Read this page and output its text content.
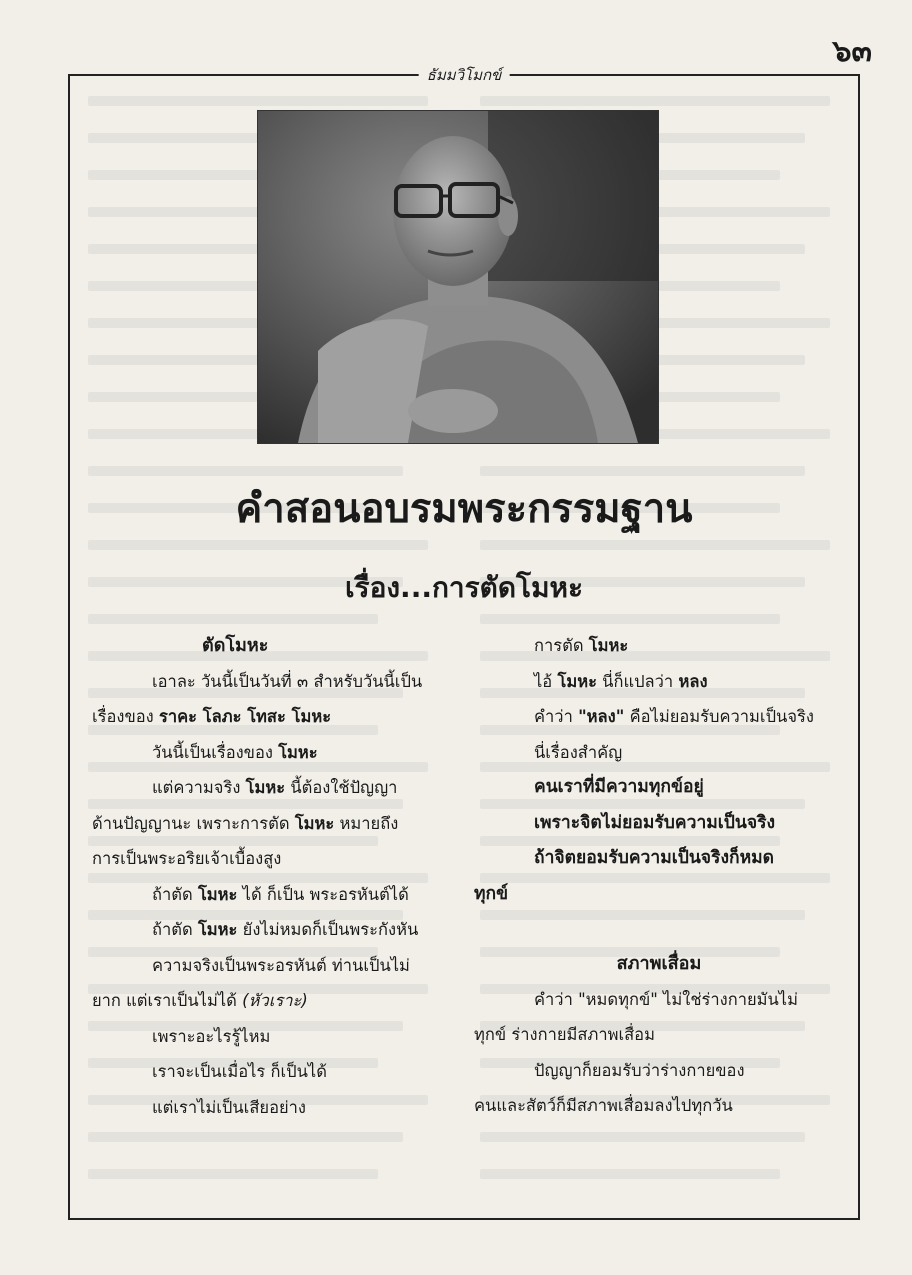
๖๓
ธัมมวิโมกข์
คำสอนอบรมพระกรรมฐาน
เรื่อง...การตัดโมหะ

ตัดโมหะ

เอาละ วันนี้เป็นวันที่ ๓ สำหรับวันนี้เป็น

เรื่องของ ราคะ โลภะ โทสะ โมหะ

วันนี้เป็นเรื่องของ โมหะ

แต่ความจริง โมหะ นี้ต้องใช้ปัญญา

ด้านปัญญานะ เพราะการตัด โมหะ หมายถึง

การเป็นพระอริยเจ้าเบื้องสูง

ถ้าตัด โมหะ ได้ ก็เป็น พระอรหันต์ได้

ถ้าตัด โมหะ ยังไม่หมดก็เป็นพระกังหัน

ความจริงเป็นพระอรหันต์ ท่านเป็นไม่

ยาก แต่เราเป็นไม่ได้ (หัวเราะ)

เพราะอะไรรู้ไหม

เราจะเป็นเมื่อไร ก็เป็นได้

แต่เราไม่เป็นเสียอย่าง

การตัด โมหะ

ไอ้ โมหะ นี่ก็แปลว่า หลง

คำว่า "หลง" คือไม่ยอมรับความเป็นจริง

นี่เรื่องสำคัญ

คนเราที่มีความทุกข์อยู่

เพราะจิตไม่ยอมรับความเป็นจริง

ถ้าจิตยอมรับความเป็นจริงก็หมด

ทุกข์

สภาพเสื่อม

คำว่า "หมดทุกข์" ไม่ใช่ร่างกายมันไม่

ทุกข์ ร่างกายมีสภาพเสื่อม

ปัญญาก็ยอมรับว่าร่างกายของ

คนและสัตว์ก็มีสภาพเสื่อมลงไปทุกวัน
